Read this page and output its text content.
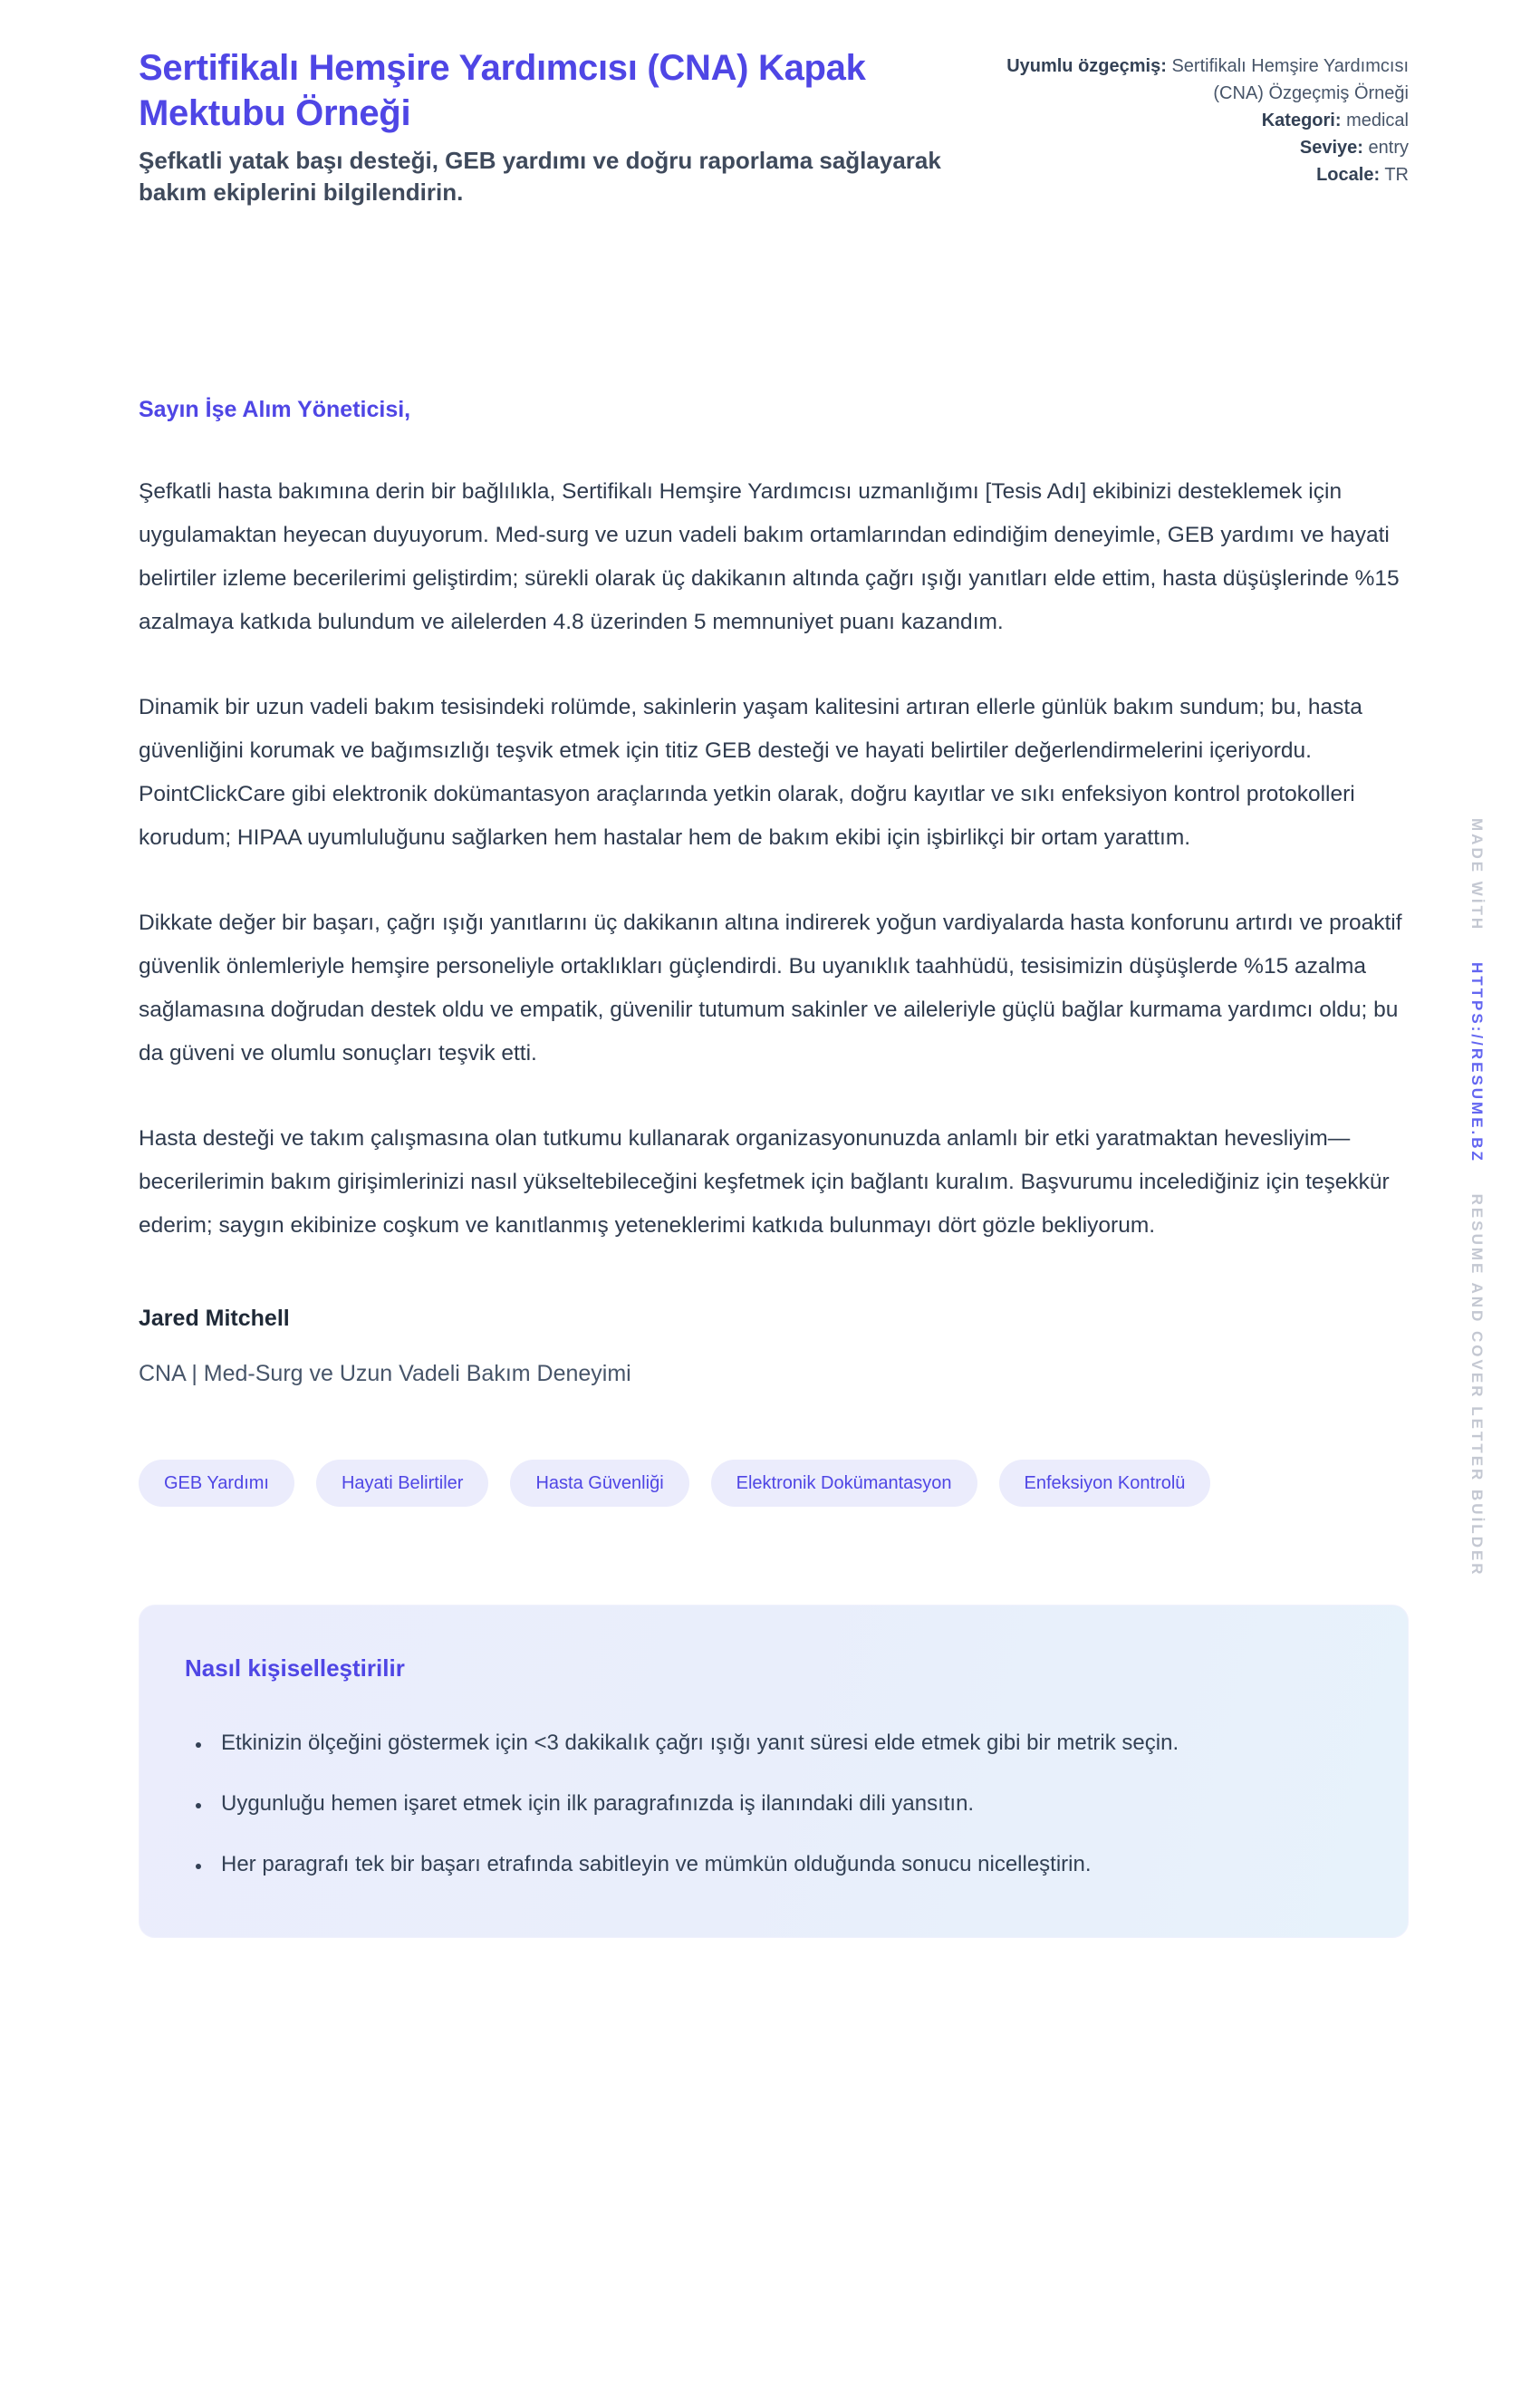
Sertifikalı Hemşire Yardımcısı (CNA) Kapak Mektubu Örneği
Şefkatli yatak başı desteği, GEB yardımı ve doğru raporlama sağlayarak bakım ekiplerini bilgilendirin.
Uyumlu özgeçmiş: Sertifikalı Hemşire Yardımcısı (CNA) Özgeçmiş Örneği
Kategori: medical
Seviye: entry
Locale: TR

Sayın İşe Alım Yöneticisi,

Şefkatli hasta bakımına derin bir bağlılıkla, Sertifikalı Hemşire Yardımcısı uzmanlığımı [Tesis Adı] ekibinizi desteklemek için uygulamaktan heyecan duyuyorum. Med-surg ve uzun vadeli bakım ortamlarından edindiğim deneyimle, GEB yardımı ve hayati belirtiler izleme becerilerimi geliştirdim; sürekli olarak üç dakikanın altında çağrı ışığı yanıtları elde ettim, hasta düşüşlerinde %15 azalmaya katkıda bulundum ve ailelerden 4.8 üzerinden 5 memnuniyet puanı kazandım.

Dinamik bir uzun vadeli bakım tesisindeki rolümde, sakinlerin yaşam kalitesini artıran ellerle günlük bakım sundum; bu, hasta güvenliğini korumak ve bağımsızlığı teşvik etmek için titiz GEB desteği ve hayati belirtiler değerlendirmelerini içeriyordu. PointClickCare gibi elektronik dokümantasyon araçlarında yetkin olarak, doğru kayıtlar ve sıkı enfeksiyon kontrol protokolleri korudum; HIPAA uyumluluğunu sağlarken hem hastalar hem de bakım ekibi için işbirlikçi bir ortam yarattım.

Dikkate değer bir başarı, çağrı ışığı yanıtlarını üç dakikanın altına indirerek yoğun vardiyalarda hasta konforunu artırdı ve proaktif güvenlik önlemleriyle hemşire personeliyle ortaklıkları güçlendirdi. Bu uyanıklık taahhüdü, tesisimizin düşüşlerde %15 azalma sağlamasına doğrudan destek oldu ve empatik, güvenilir tutumum sakinler ve aileleriyle güçlü bağlar kurmama yardımcı oldu; bu da güveni ve olumlu sonuçları teşvik etti.

Hasta desteği ve takım çalışmasına olan tutkumu kullanarak organizasyonunuzda anlamlı bir etki yaratmaktan hevesliyim—becerilerimin bakım girişimlerinizi nasıl yükseltebileceğini keşfetmek için bağlantı kuralım. Başvurumu incelediğiniz için teşekkür ederim; saygın ekibinize coşkum ve kanıtlanmış yeteneklerimi katkıda bulunmayı dört gözle bekliyorum.

Jared Mitchell
CNA | Med-Surg ve Uzun Vadeli Bakım Deneyimi
GEB Yardımı	Hayati Belirtiler	Hasta Güvenliği	Elektronik Dokümantasyon	Enfeksiyon Kontrolü
Nasıl kişiselleştirilir
• Etkinizin ölçeğini göstermek için <3 dakikalık çağrı ışığı yanıt süresi elde etmek gibi bir metrik seçin.
• Uygunluğu hemen işaret etmek için ilk paragrafınızda iş ilanındaki dili yansıtın.
• Her paragrafı tek bir başarı etrafında sabitleyin ve mümkün olduğunda sonucu nicelleştirin.
MADE WİTH HTTPS://RESUME.BZ RESUME AND COVER LETTER BUİLDER
